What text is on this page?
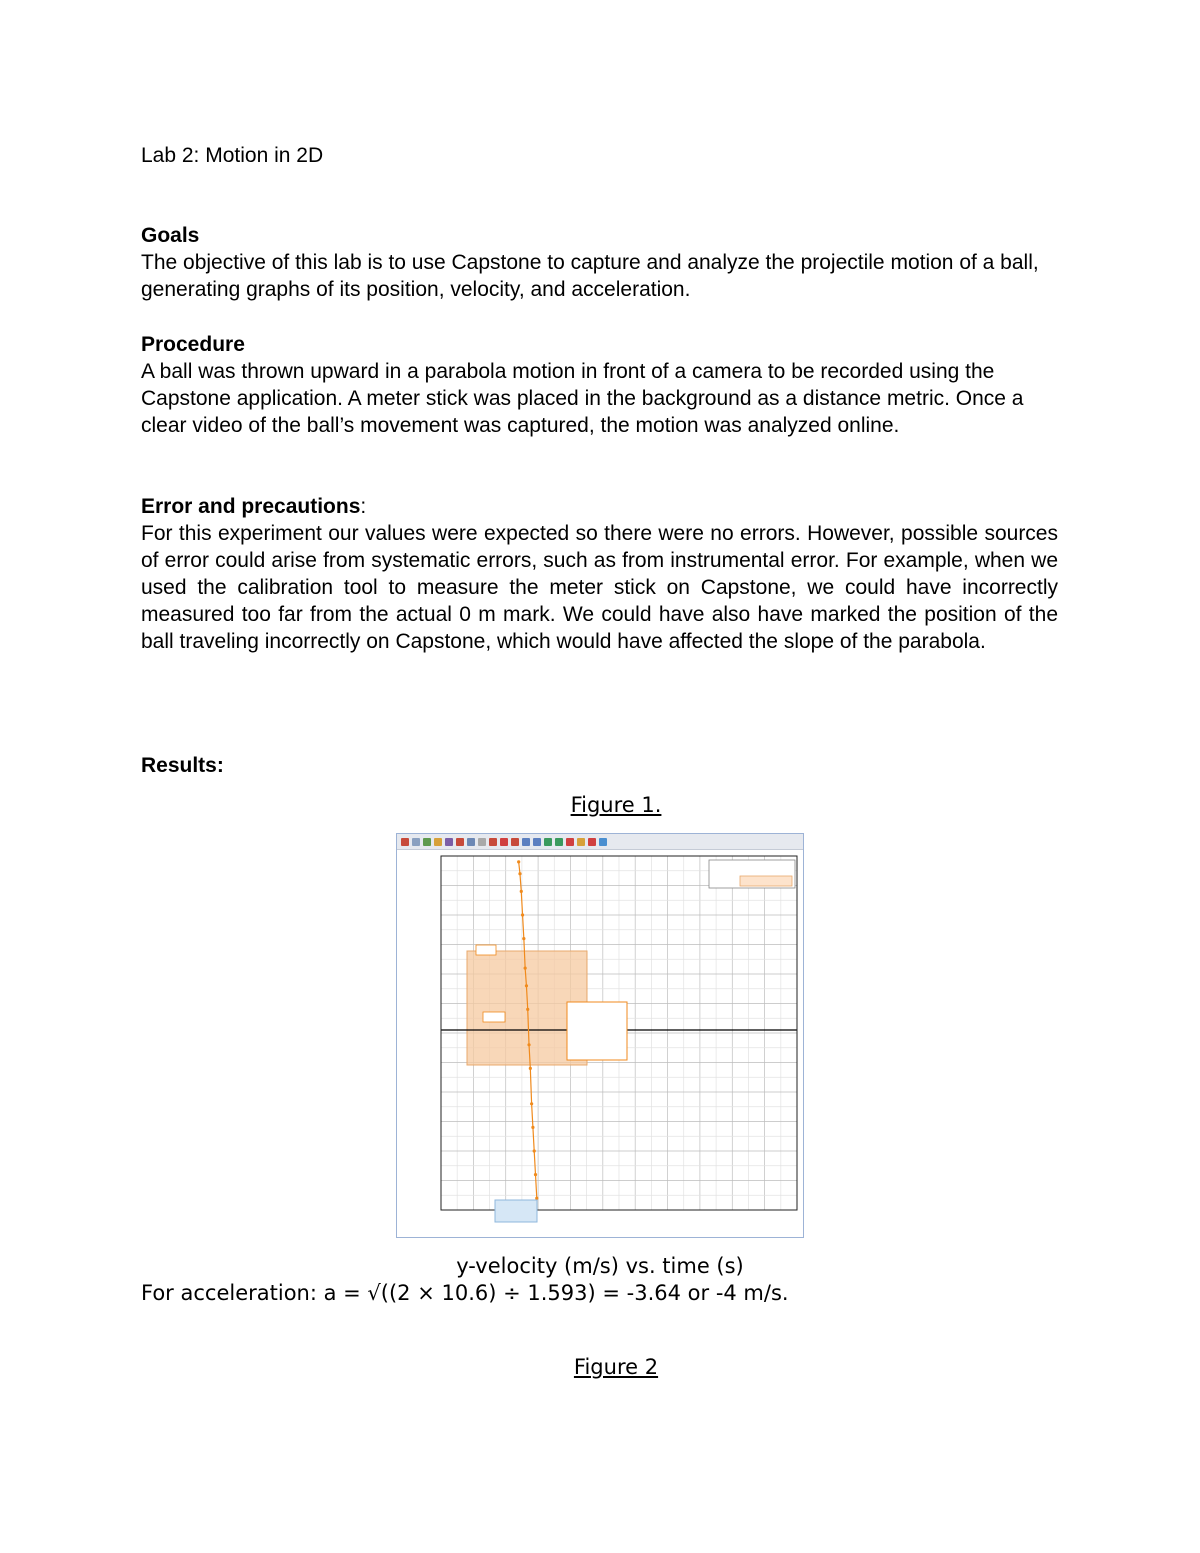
Lab 2: Motion in 2D
Goals
The objective of this lab is to use Capstone to capture and analyze the projectile motion of a ball, generating graphs of its position, velocity, and acceleration.
Procedure
A ball was thrown upward in a parabola motion in front of a camera to be recorded using the Capstone application. A meter stick was placed in the background as a distance metric. Once a clear video of the ball’s movement was captured, the motion was analyzed online.
Error and precautions:
For this experiment our values were expected so there were no errors. However, possible sources of error could arise from systematic errors, such as from instrumental error. For example, when we used the calibration tool to measure the meter stick on Capstone, we could have incorrectly measured too far from the actual 0 m mark. We could have also have marked the position of the ball traveling incorrectly on Capstone, which would have affected the slope of the parabola.
Results:
Figure 1.
y-velocity (m/s) vs. time (s)
For acceleration: a = √((2 × 10.6) ÷ 1.593) = -3.64 or -4 m/s.
Figure 2
